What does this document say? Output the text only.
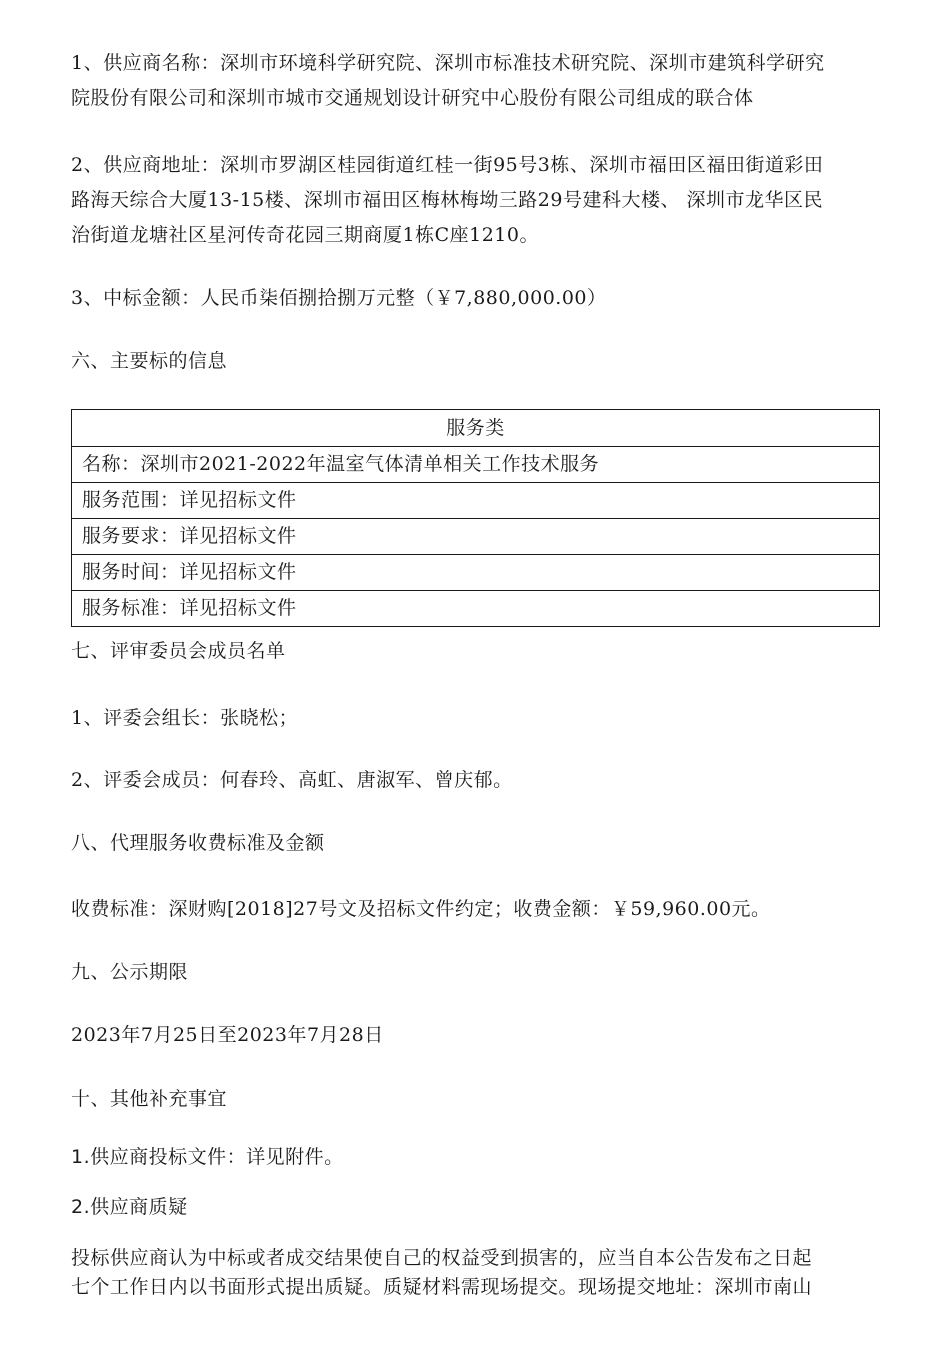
1、供应商名称：深圳市环境科学研究院、深圳市标准技术研究院、深圳市建筑科学研究
院股份有限公司和深圳市城市交通规划设计研究中心股份有限公司组成的联合体
2、供应商地址：深圳市罗湖区桂园街道红桂一街95号3栋、深圳市福田区福田街道彩田
路海天综合大厦13-15楼、深圳市福田区梅林梅坳三路29号建科大楼、 深圳市龙华区民
治街道龙塘社区星河传奇花园三期商厦1栋C座1210。
3、中标金额：人民币柒佰捌拾捌万元整（￥7,880,000.00）
六、主要标的信息
服务类
名称：深圳市2021-2022年温室气体清单相关工作技术服务
服务范围：详见招标文件
服务要求：详见招标文件
服务时间：详见招标文件
服务标准：详见招标文件
七、评审委员会成员名单
1、评委会组长：张晓松；
2、评委会成员：何春玲、高虹、唐淑军、曾庆郁。
八、代理服务收费标准及金额
收费标准：深财购[2018]27号文及招标文件约定；收费金额：￥59,960.00元。
九、公示期限
2023年7月25日至2023年7月28日
十、其他补充事宜
1.供应商投标文件：详见附件。
2.供应商质疑
投标供应商认为中标或者成交结果使自己的权益受到损害的，应当自本公告发布之日起
七个工作日内以书面形式提出质疑。质疑材料需现场提交。现场提交地址：深圳市南山
